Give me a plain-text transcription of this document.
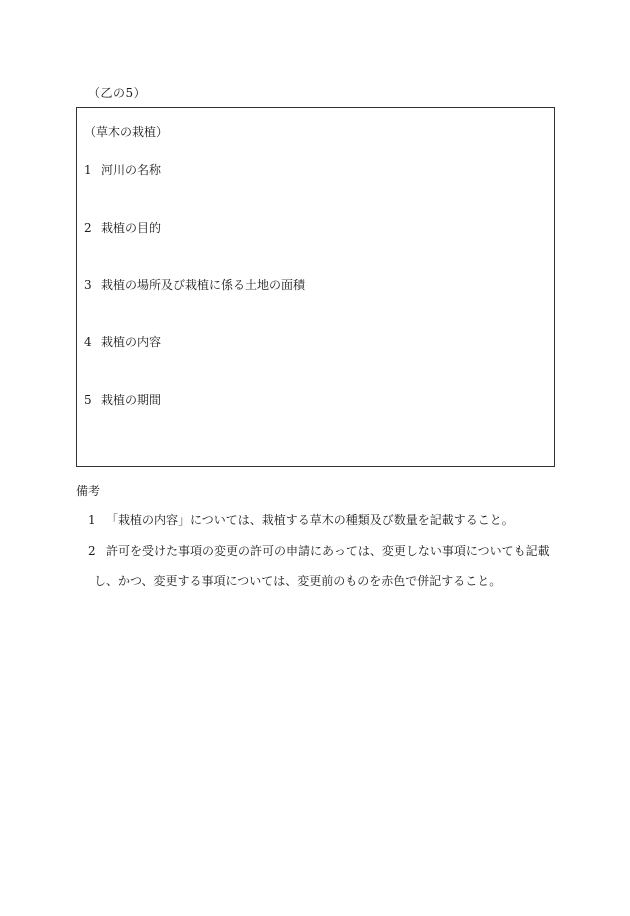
（乙の5）
（草木の栽植）
1 河川の名称
2 栽植の目的
3 栽植の場所及び栽植に係る土地の面積
4 栽植の内容
5 栽植の期間
備考
1 「栽植の内容」については、栽植する草木の種類及び数量を記載すること。
2 許可を受けた事項の変更の許可の申請にあっては、変更しない事項についても記載
し、かつ、変更する事項については、変更前のものを赤色で併記すること。
